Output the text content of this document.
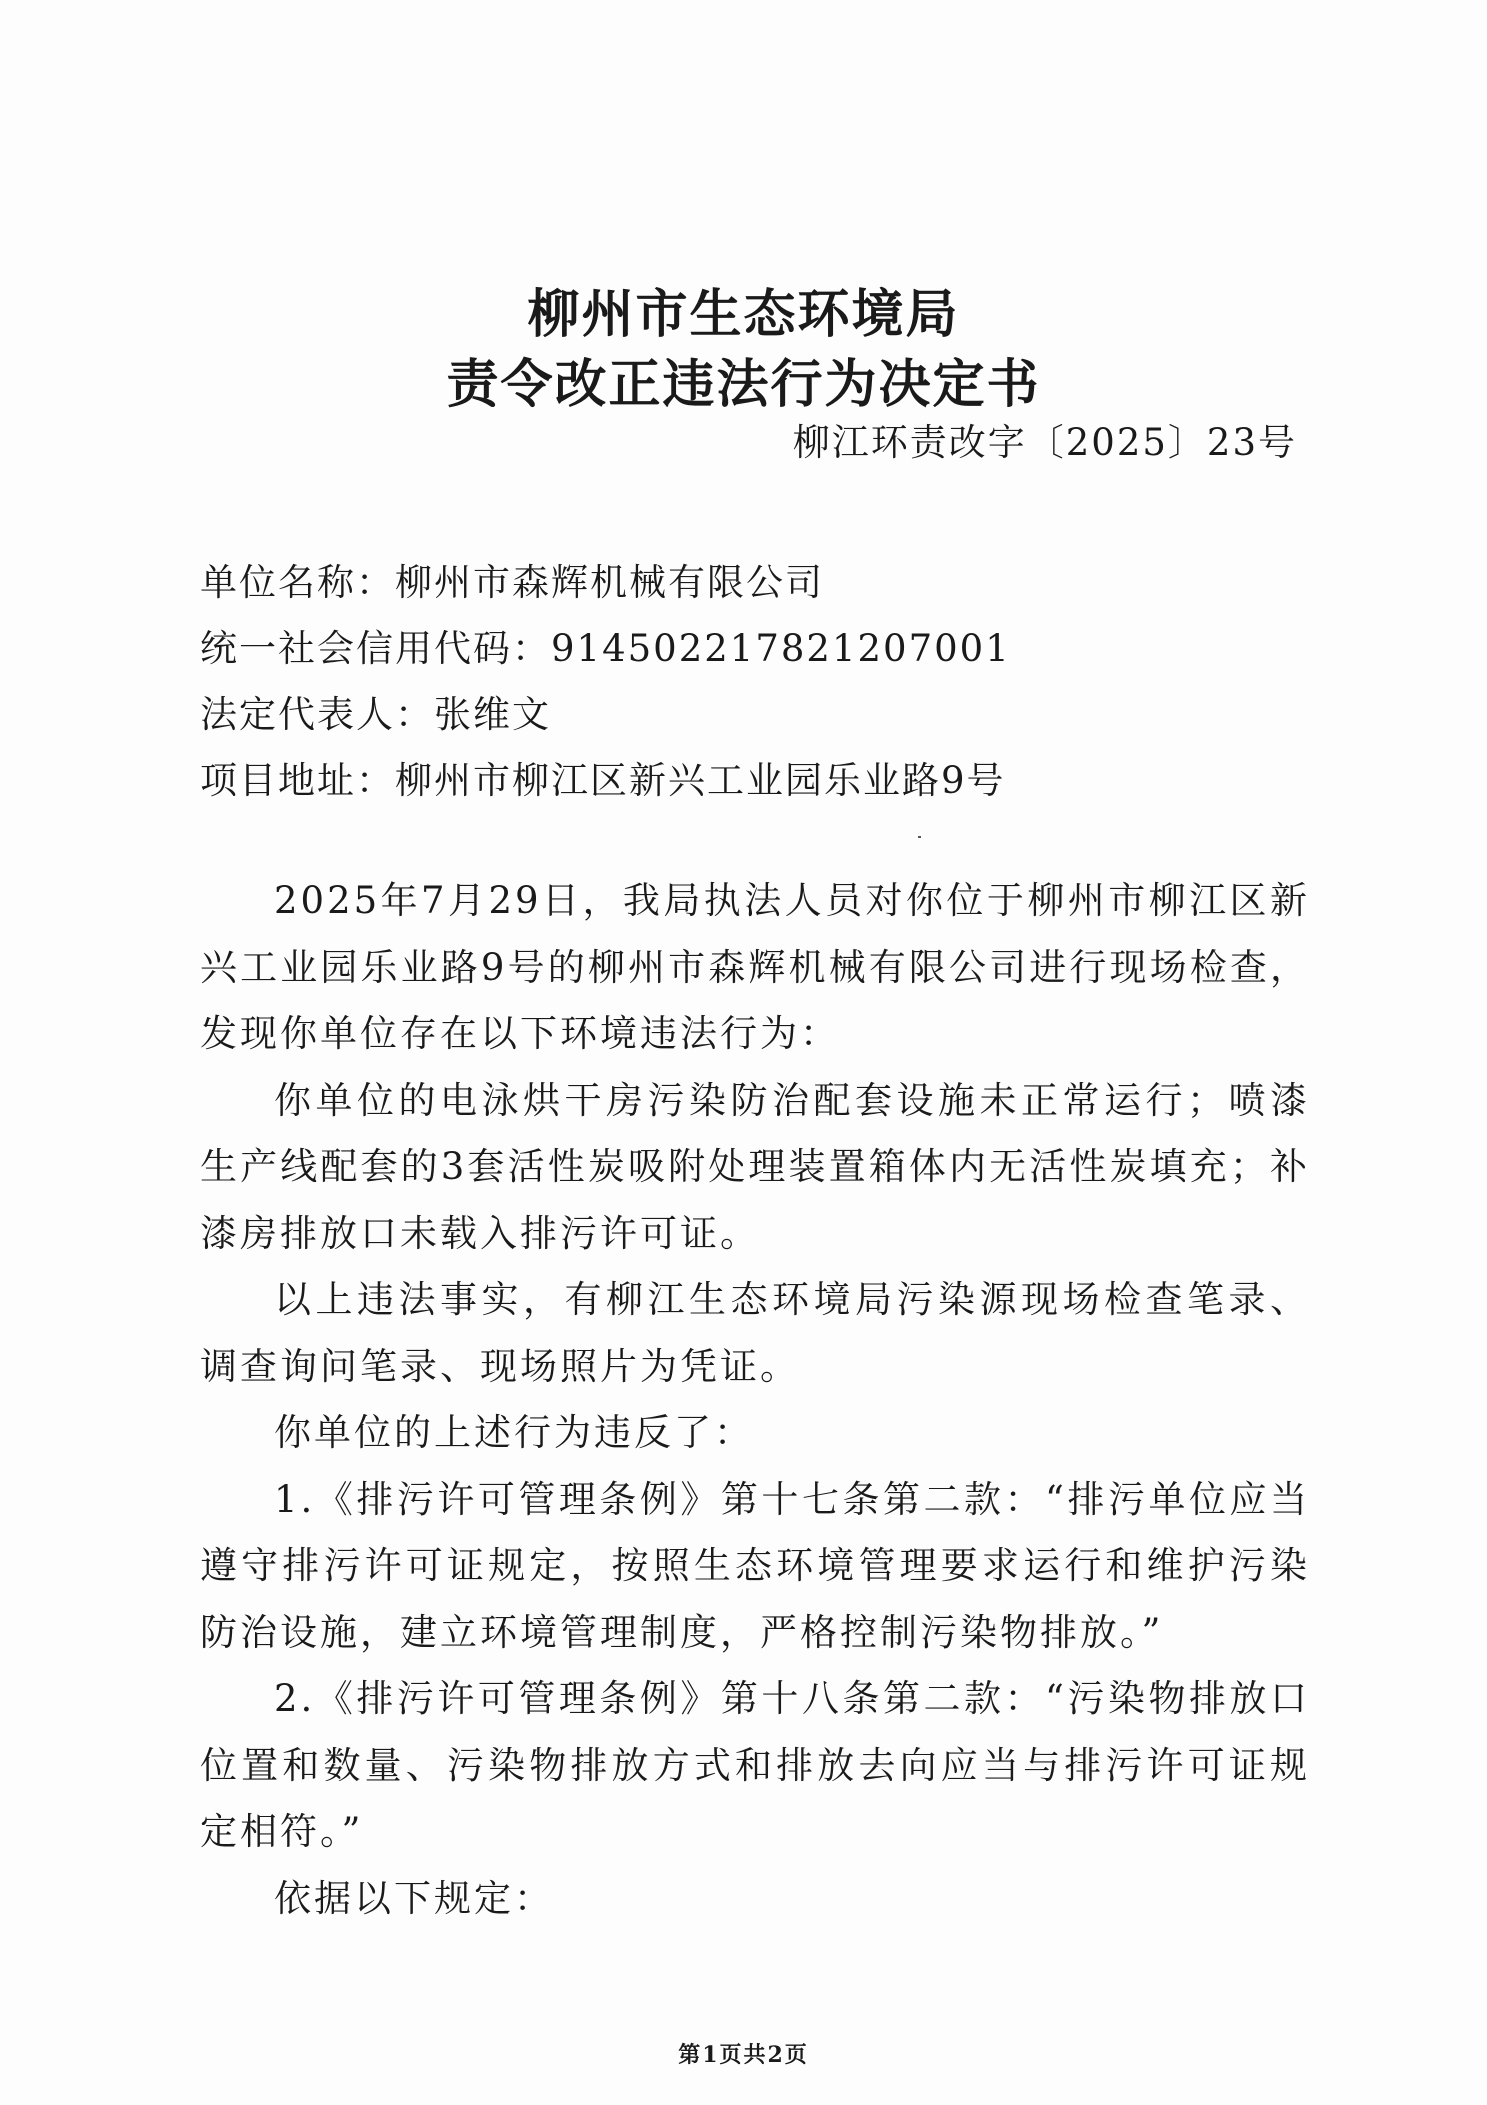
柳州市生态环境局
责令改正违法行为决定书
柳江环责改字〔2025〕23号
单位名称：柳州市森辉机械有限公司
统一社会信用代码：914502217821207001
法定代表人：张维文
项目地址：柳州市柳江区新兴工业园乐业路9号

2025年7月29日，我局执法人员对你位于柳州市柳江区新兴工业园乐业路9号的柳州市森辉机械有限公司进行现场检查，发现你单位存在以下环境违法行为：

你单位的电泳烘干房污染防治配套设施未正常运行；喷漆生产线配套的3套活性炭吸附处理装置箱体内无活性炭填充；补漆房排放口未载入排污许可证。

以上违法事实，有柳江生态环境局污染源现场检查笔录、调查询问笔录、现场照片为凭证。

你单位的上述行为违反了：

1.《排污许可管理条例》第十七条第二款：“排污单位应当遵守排污许可证规定，按照生态环境管理要求运行和维护污染防治设施，建立环境管理制度，严格控制污染物排放。”

2.《排污许可管理条例》第十八条第二款：“污染物排放口位置和数量、污染物排放方式和排放去向应当与排污许可证规定相符。”

依据以下规定：

第1页共2页
